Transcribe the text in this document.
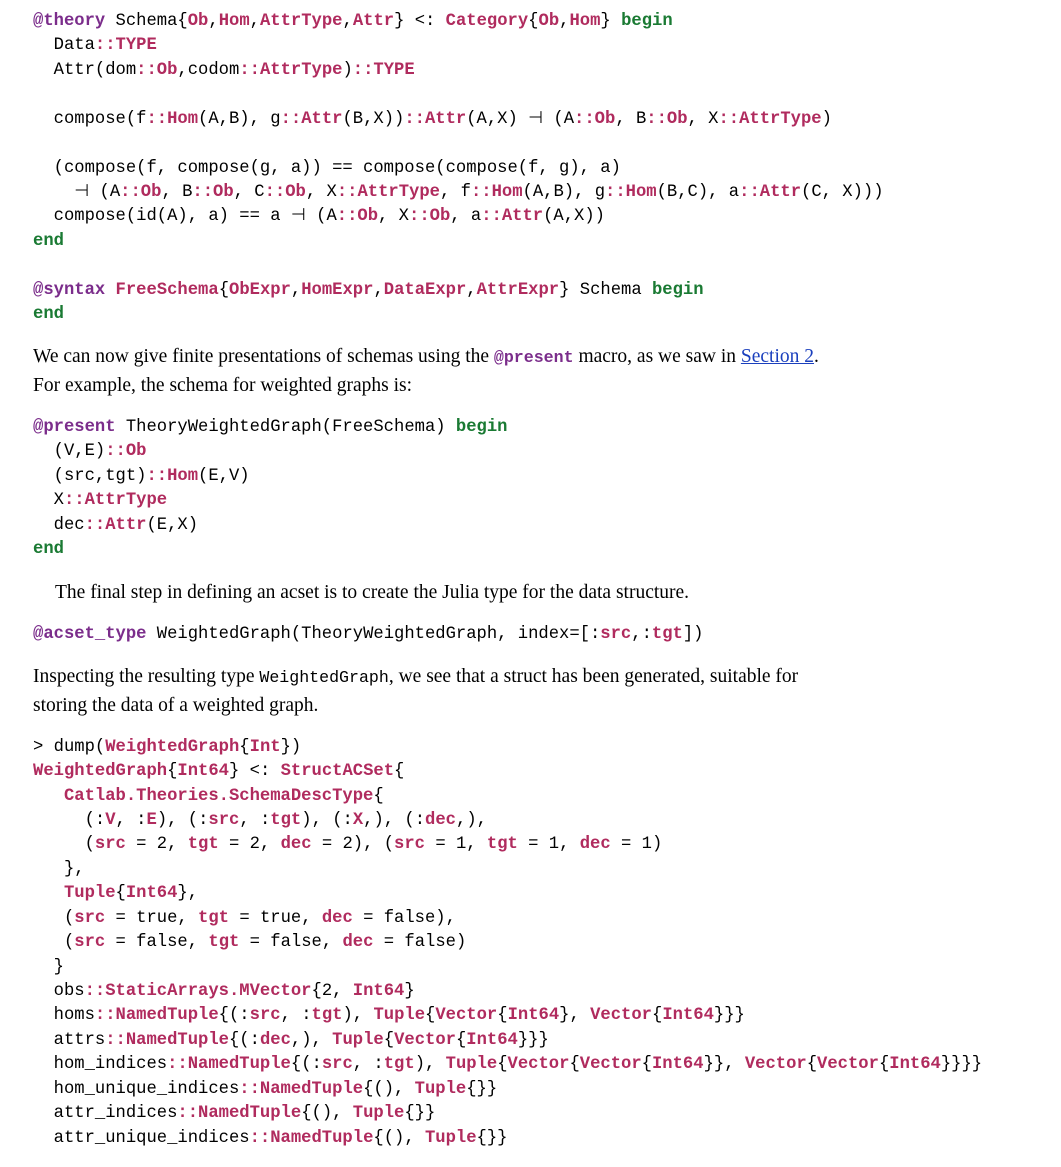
@theory Schema{Ob,Hom,AttrType,Attr} <: Category{Ob,Hom} begin
Data::TYPE
Attr(dom::Ob,codom::AttrType)::TYPE

compose(f::Hom(A,B), g::Attr(B,X))::Attr(A,X) ⊣ (A::Ob, B::Ob, X::AttrType)

(compose(f, compose(g, a)) == compose(compose(f, g), a)
⊣ (A::Ob, B::Ob, C::Ob, X::AttrType, f::Hom(A,B), g::Hom(B,C), a::Attr(C, X)))
compose(id(A), a) == a ⊣ (A::Ob, X::Ob, a::Attr(A,X))
end

@syntax FreeSchema{ObExpr,HomExpr,DataExpr,AttrExpr} Schema begin
end
We can now give finite presentations of schemas using the @present macro, as we saw in Section 2.
For example, the schema for weighted graphs is:
@present TheoryWeightedGraph(FreeSchema) begin
(V,E)::Ob
(src,tgt)::Hom(E,V)
X::AttrType
dec::Attr(E,X)
end
The final step in defining an acset is to create the Julia type for the data structure.
@acset_type WeightedGraph(TheoryWeightedGraph, index=[:src,:tgt])
Inspecting the resulting type WeightedGraph, we see that a struct has been generated, suitable for
storing the data of a weighted graph.
> dump(WeightedGraph{Int})
WeightedGraph{Int64} <: StructACSet{
Catlab.Theories.SchemaDescType{
(:V, :E), (:src, :tgt), (:X,), (:dec,),
(src = 2, tgt = 2, dec = 2), (src = 1, tgt = 1, dec = 1)
},
Tuple{Int64},
(src = true, tgt = true, dec = false),
(src = false, tgt = false, dec = false)
}
obs::StaticArrays.MVector{2, Int64}
homs::NamedTuple{(:src, :tgt), Tuple{Vector{Int64}, Vector{Int64}}}
attrs::NamedTuple{(:dec,), Tuple{Vector{Int64}}}
hom_indices::NamedTuple{(:src, :tgt), Tuple{Vector{Vector{Int64}}, Vector{Vector{Int64}}}}
hom_unique_indices::NamedTuple{(), Tuple{}}
attr_indices::NamedTuple{(), Tuple{}}
attr_unique_indices::NamedTuple{(), Tuple{}}
